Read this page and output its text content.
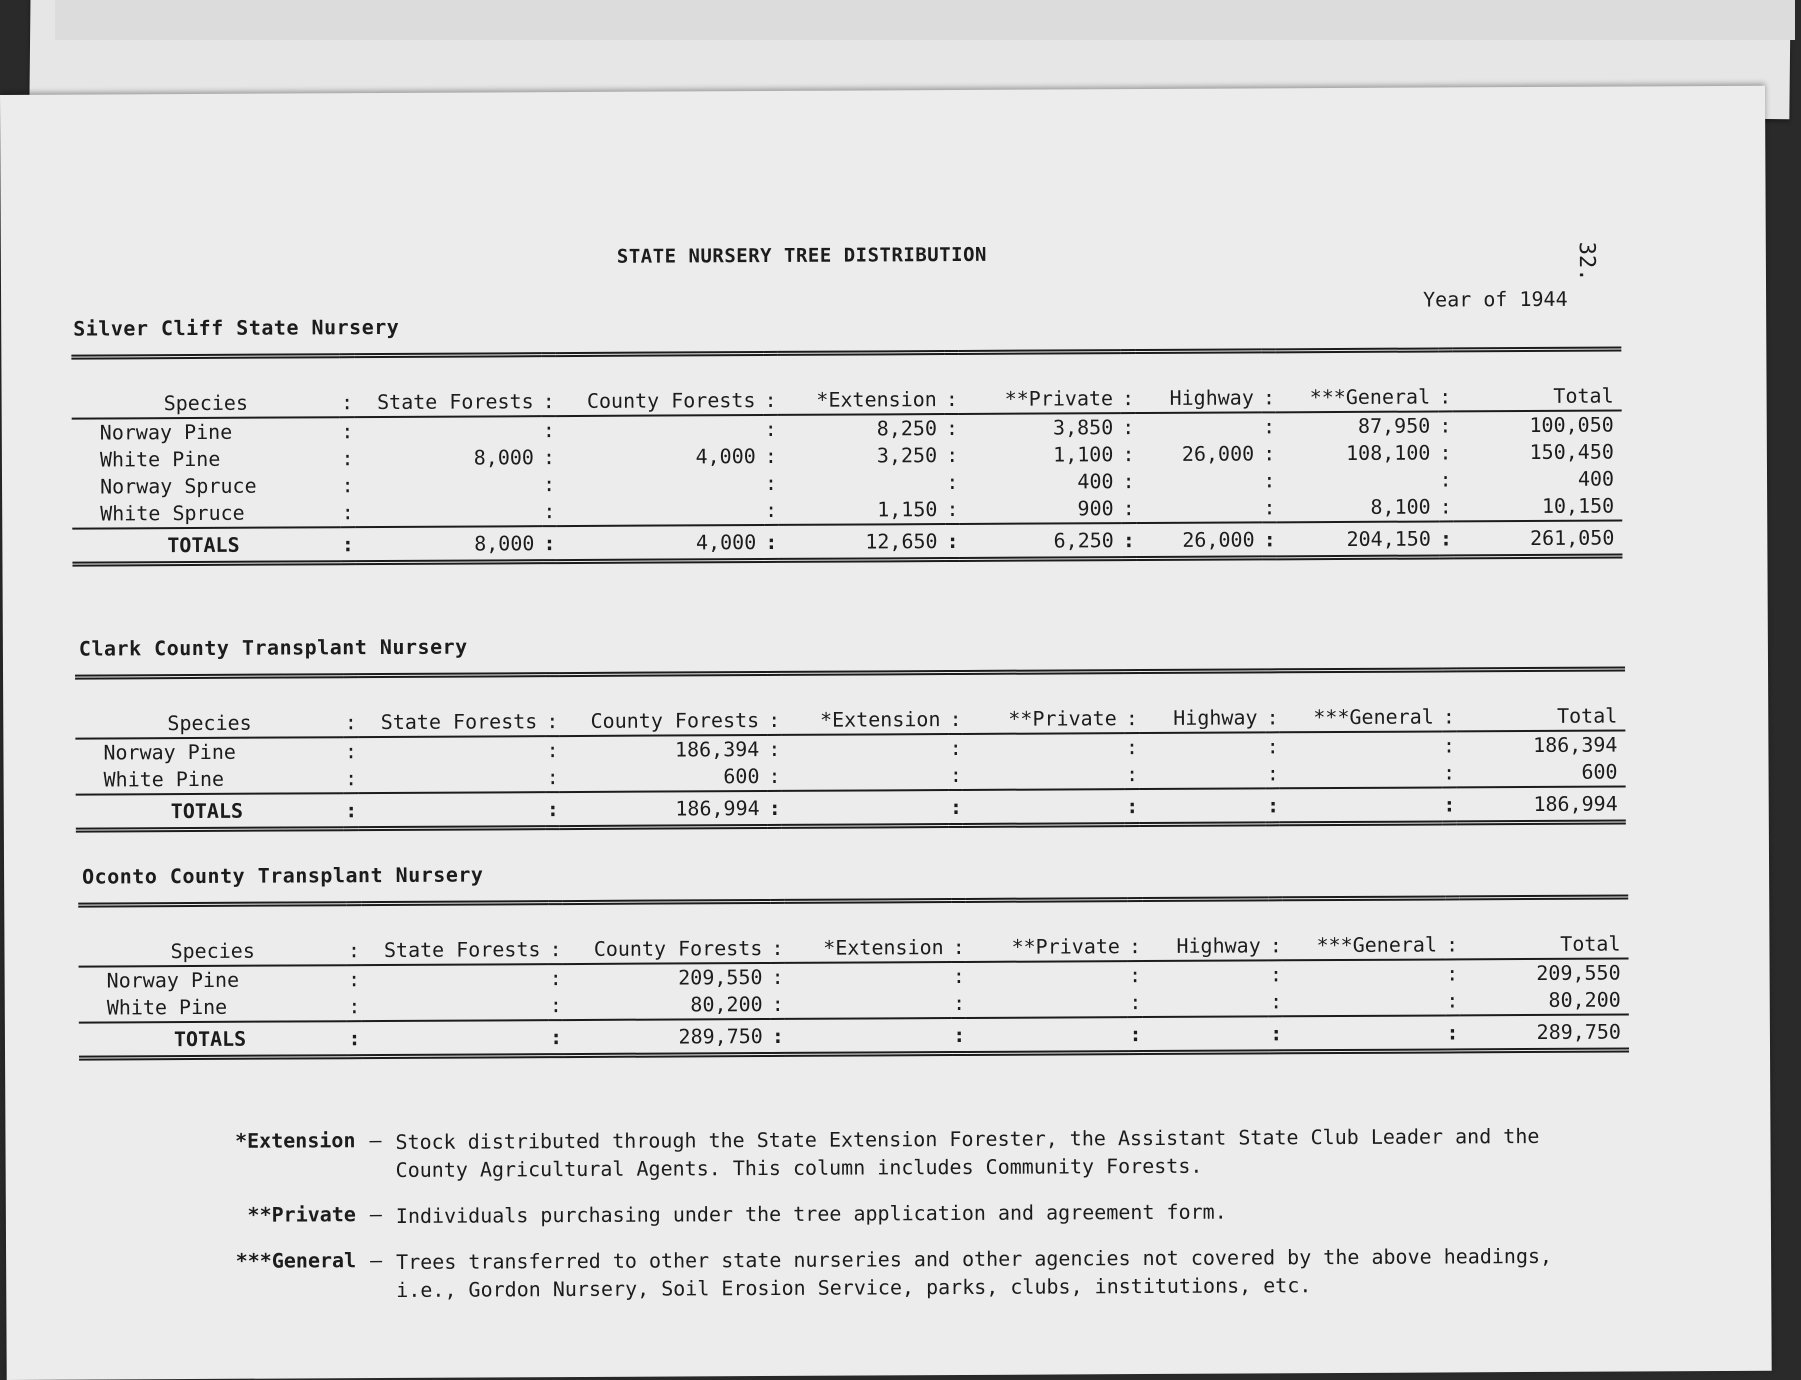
32.
STATE NURSERY TREE DISTRIBUTION
Year of 1944
Silver Cliff State Nursery
Species	:	State Forests	:	County Forests	:	*Extension	:	**Private	:	Highway	:	***General	:	Total
Norway Pine	:		:		:	8,250	:	3,850	:		:	87,950	:	100,050
White Pine	:	8,000	:	4,000	:	3,250	:	1,100	:	26,000	:	108,100	:	150,450
Norway Spruce	:		:		:		:	400	:		:		:	400
White Spruce	:		:		:	1,150	:	900	:		:	8,100	:	10,150
TOTALS	:	8,000	:	4,000	:	12,650	:	6,250	:	26,000	:	204,150	:	261,050
Clark County Transplant Nursery
Species	:	State Forests	:	County Forests	:	*Extension	:	**Private	:	Highway	:	***General	:	Total
Norway Pine	:		:	186,394	:		:		:		:		:	186,394
White Pine	:		:	600	:		:		:		:		:	600
TOTALS	:		:	186,994	:		:		:		:		:	186,994
Oconto County Transplant Nursery
Species	:	State Forests	:	County Forests	:	*Extension	:	**Private	:	Highway	:	***General	:	Total
Norway Pine	:		:	209,550	:		:		:		:		:	209,550
White Pine	:		:	80,200	:		:		:		:		:	80,200
TOTALS	:		:	289,750	:		:		:		:		:	289,750
*Extension – Stock distributed through the State Extension Forester, the Assistant State Club Leader and the County Agricultural Agents. This column includes Community Forests.
**Private – Individuals purchasing under the tree application and agreement form.
***General – Trees transferred to other state nurseries and other agencies not covered by the above headings, i.e., Gordon Nursery, Soil Erosion Service, parks, clubs, institutions, etc.
